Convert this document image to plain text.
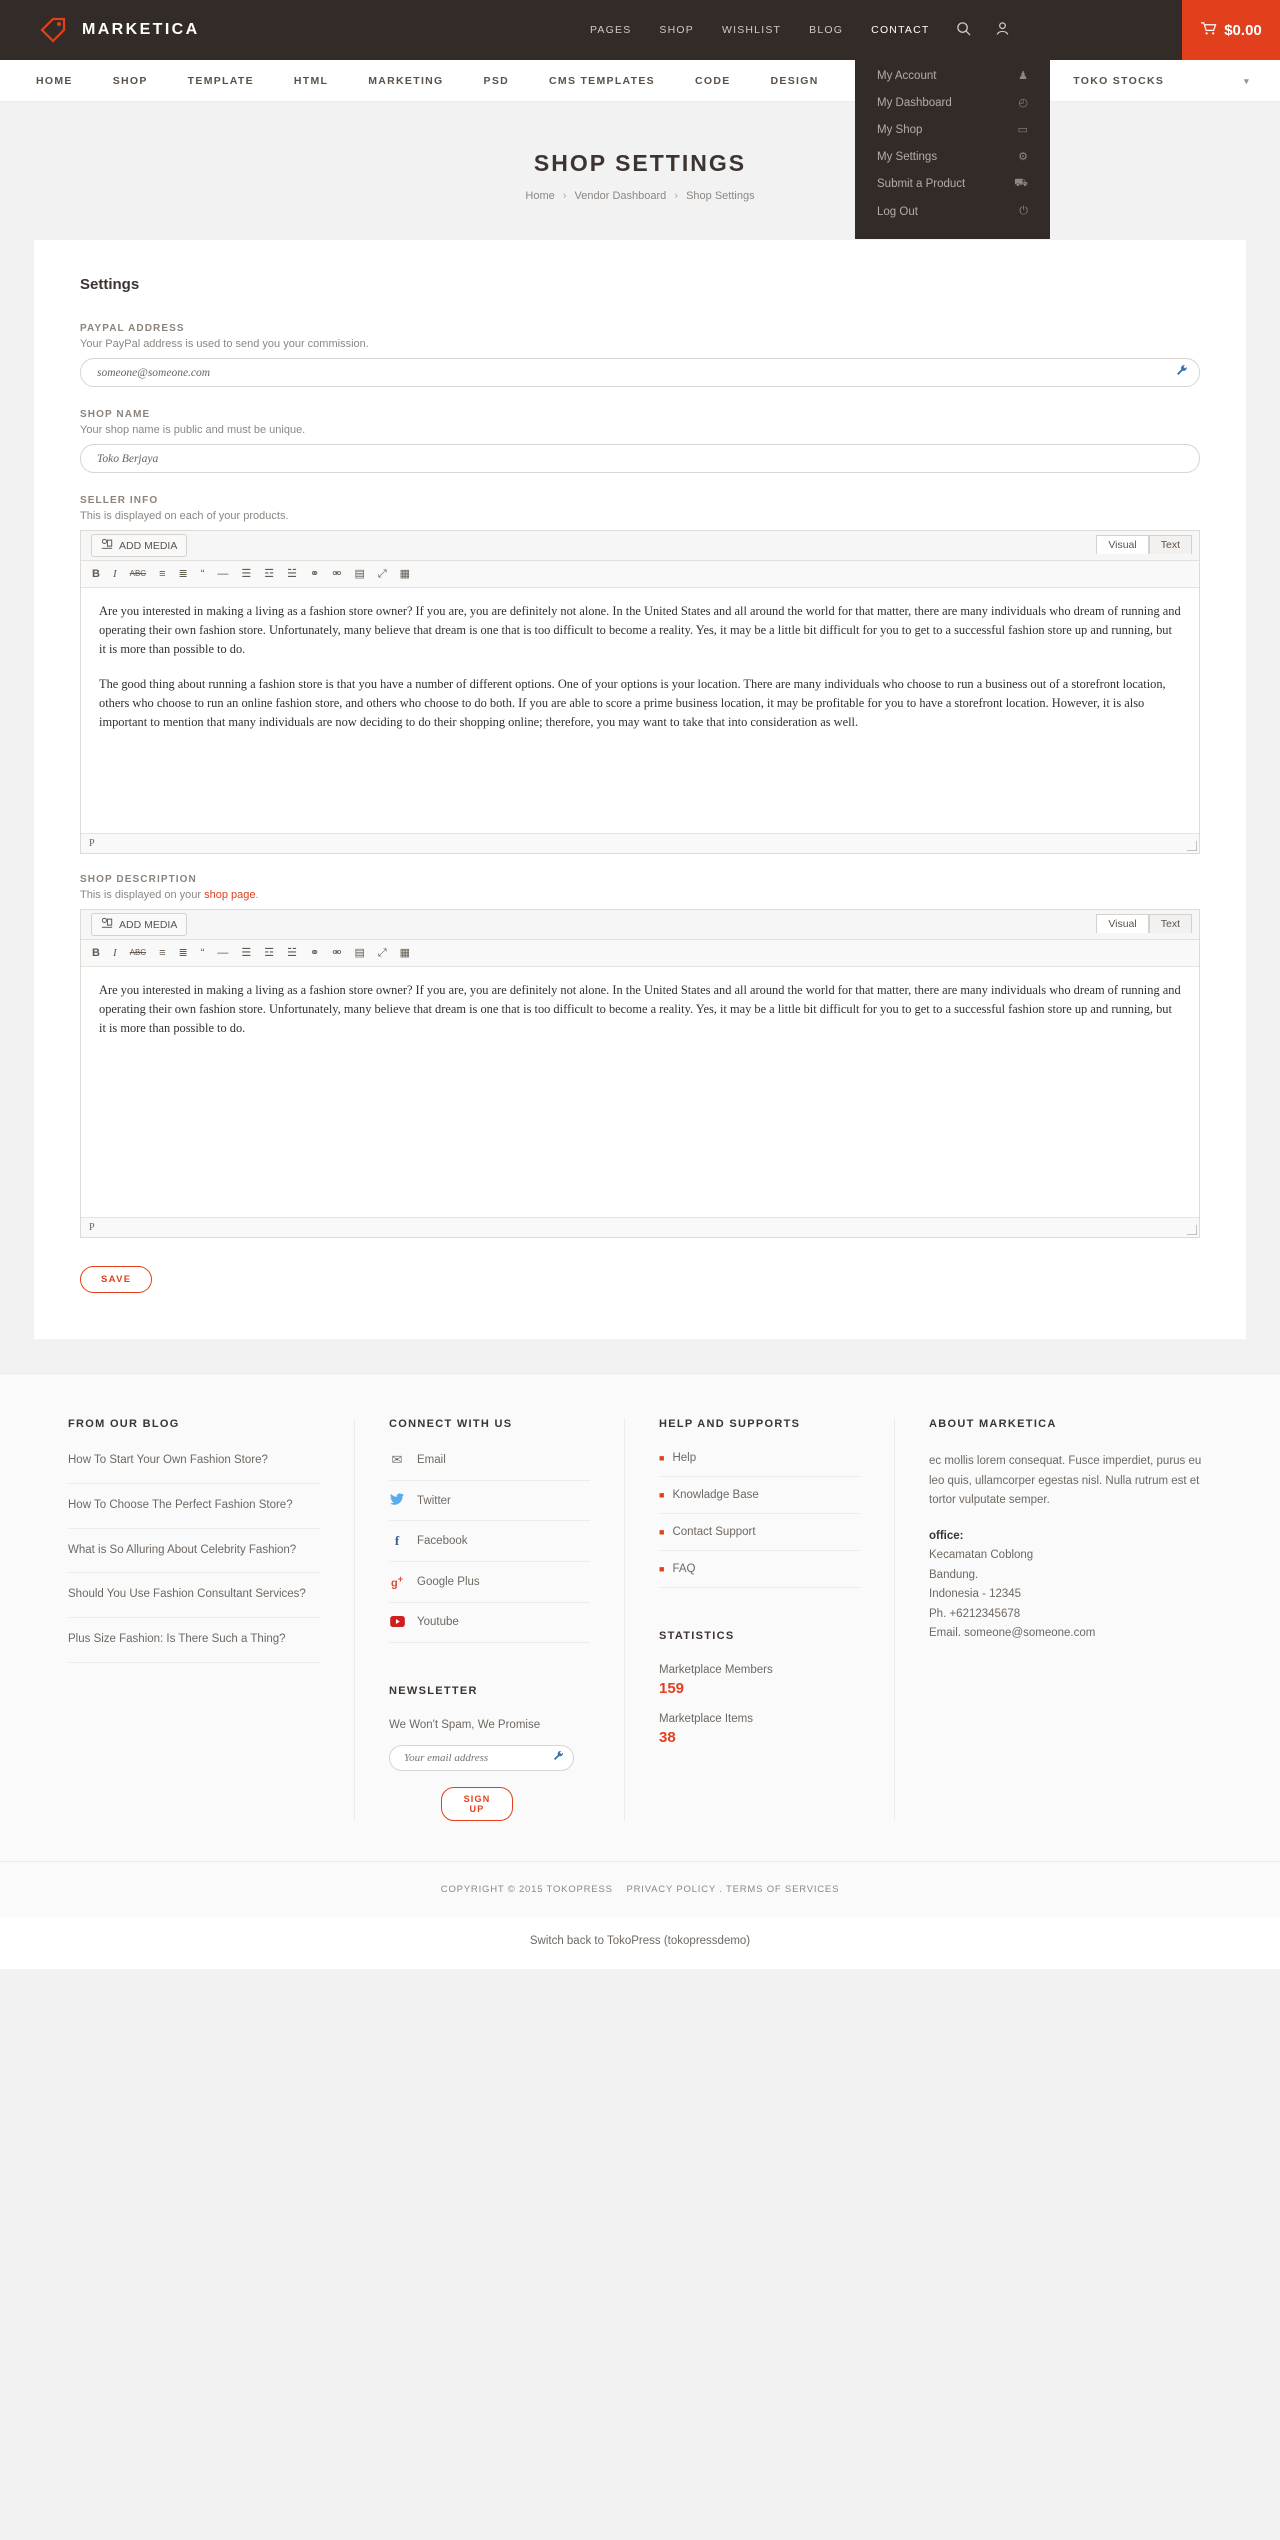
MARKETICA	PAGES	SHOP	WISHLIST	BLOG	CONTACT	$0.00
HOME	SHOP	TEMPLATE	HTML	MARKETING	PSD	CMS TEMPLATES	CODE	DESIGN	TOKO STOCKS	▾
My Account	♟
My Dashboard	◴
My Shop	▭
My Settings	⚙
Submit a Product	⛟
Log Out	⏻
SHOP SETTINGS
Home › Vendor Dashboard › Shop Settings
Settings
PAYPAL ADDRESS
Your PayPal address is used to send you your commission.
someone@someone.com
SHOP NAME
Your shop name is public and must be unique.
Toko Berjaya
SELLER INFO
This is displayed on each of your products.
ADD MEDIA	Visual	Text
B I ABC ≡ ≣ “ — ☰ ☲ ☱ ⚭ ⚮ ▤ ⤢ ▦

Are you interested in making a living as a fashion store owner? If you are, you are definitely not alone. In the United States and all around the world for that matter, there are many individuals who dream of running and operating their own fashion store. Unfortunately, many believe that dream is one that is too difficult to become a reality. Yes, it may be a little bit difficult for you to get to a successful fashion store up and running, but it is more than possible to do.

The good thing about running a fashion store is that you have a number of different options. One of your options is your location. There are many individuals who choose to run a business out of a storefront location, others who choose to run an online fashion store, and others who choose to do both. If you are able to score a prime business location, it may be profitable for you to have a storefront location. However, it is also important to mention that many individuals are now deciding to do their shopping online; therefore, you may want to take that into consideration as well.

P
SHOP DESCRIPTION
This is displayed on your shop page.
ADD MEDIA	Visual	Text
B I ABC ≡ ≣ “ — ☰ ☲ ☱ ⚭ ⚮ ▤ ⤢ ▦

Are you interested in making a living as a fashion store owner? If you are, you are definitely not alone. In the United States and all around the world for that matter, there are many individuals who dream of running and operating their own fashion store. Unfortunately, many believe that dream is one that is too difficult to become a reality. Yes, it may be a little bit difficult for you to get to a successful fashion store up and running, but it is more than possible to do.

P
SAVE
FROM OUR BLOG
How To Start Your Own Fashion Store?
How To Choose The Perfect Fashion Store?
What is So Alluring About Celebrity Fashion?
Should You Use Fashion Consultant Services?
Plus Size Fashion: Is There Such a Thing?
CONNECT WITH US
✉ Email
Twitter
f	Facebook
g+ Google Plus
Youtube
NEWSLETTER
We Won't Spam, We Promise
Your email address
SIGN UP
HELP AND SUPPORTS
■ Help
■ Knowladge Base
■ Contact Support
■ FAQ
STATISTICS
Marketplace Members
159
Marketplace Items
38
ABOUT MARKETICA
ec mollis lorem consequat. Fusce imperdiet, purus eu leo quis, ullamcorper egestas nisl. Nulla rutrum est et tortor vulputate semper.
office:
Kecamatan Coblong
Bandung.
Indonesia - 12345
Ph. +6212345678
Email. someone@someone.com
COPYRIGHT © 2015 TOKOPRESS PRIVACY POLICY . TERMS OF SERVICES
Switch back to TokoPress (tokopressdemo)
